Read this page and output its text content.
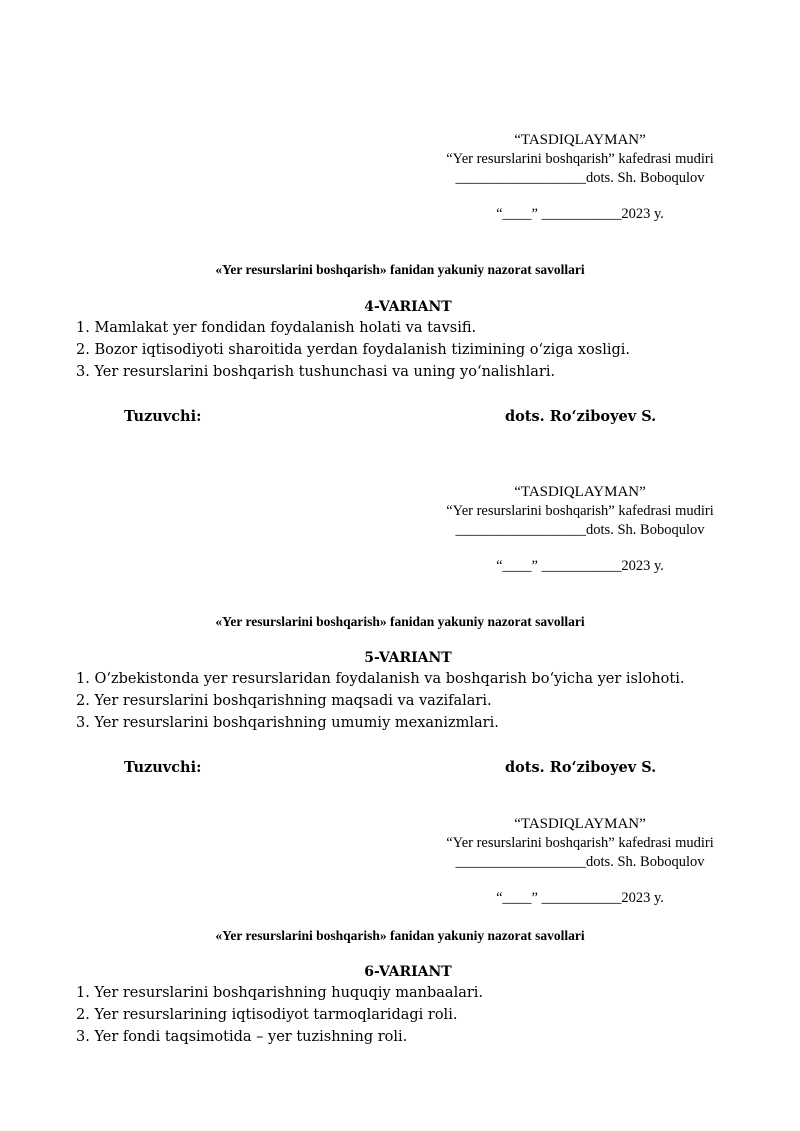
“TASDIQLAYMAN”
“Yer resurslarini boshqarish” kafedrasi mudiri
__________________dots. Sh. Boboqulov
“____” ___________2023 y.
«Yer resurslarini boshqarish» fanidan yakuniy nazorat savollari
4-VARIANT
1. Mamlakat yer fondidan foydalanish holati va tavsifi.
2. Bozor iqtisodiyoti sharoitida yerdan foydalanish tizimining o‘ziga xosligi.
3. Yer resurslarini boshqarish tushunchasi va uning yo‘nalishlari.
Tuzuvchi:	dots. Ro‘ziboyev S.
“TASDIQLAYMAN”
“Yer resurslarini boshqarish” kafedrasi mudiri
__________________dots. Sh. Boboqulov
“____” ___________2023 y.
«Yer resurslarini boshqarish» fanidan yakuniy nazorat savollari
5-VARIANT
1. O‘zbekistonda yer resurslaridan foydalanish va boshqarish bo‘yicha yer islohoti.
2. Yer resurslarini boshqarishning maqsadi va vazifalari.
3. Yer resurslarini boshqarishning umumiy mexanizmlari.
Tuzuvchi:	dots. Ro‘ziboyev S.
“TASDIQLAYMAN”
“Yer resurslarini boshqarish” kafedrasi mudiri
__________________dots. Sh. Boboqulov
“____” ___________2023 y.
«Yer resurslarini boshqarish» fanidan yakuniy nazorat savollari
6-VARIANT
1. Yer resurslarini boshqarishning huquqiy manbaalari.
2. Yer resurslarining iqtisodiyot tarmoqlaridagi roli.
3. Yer fondi taqsimotida – yer tuzishning roli.
